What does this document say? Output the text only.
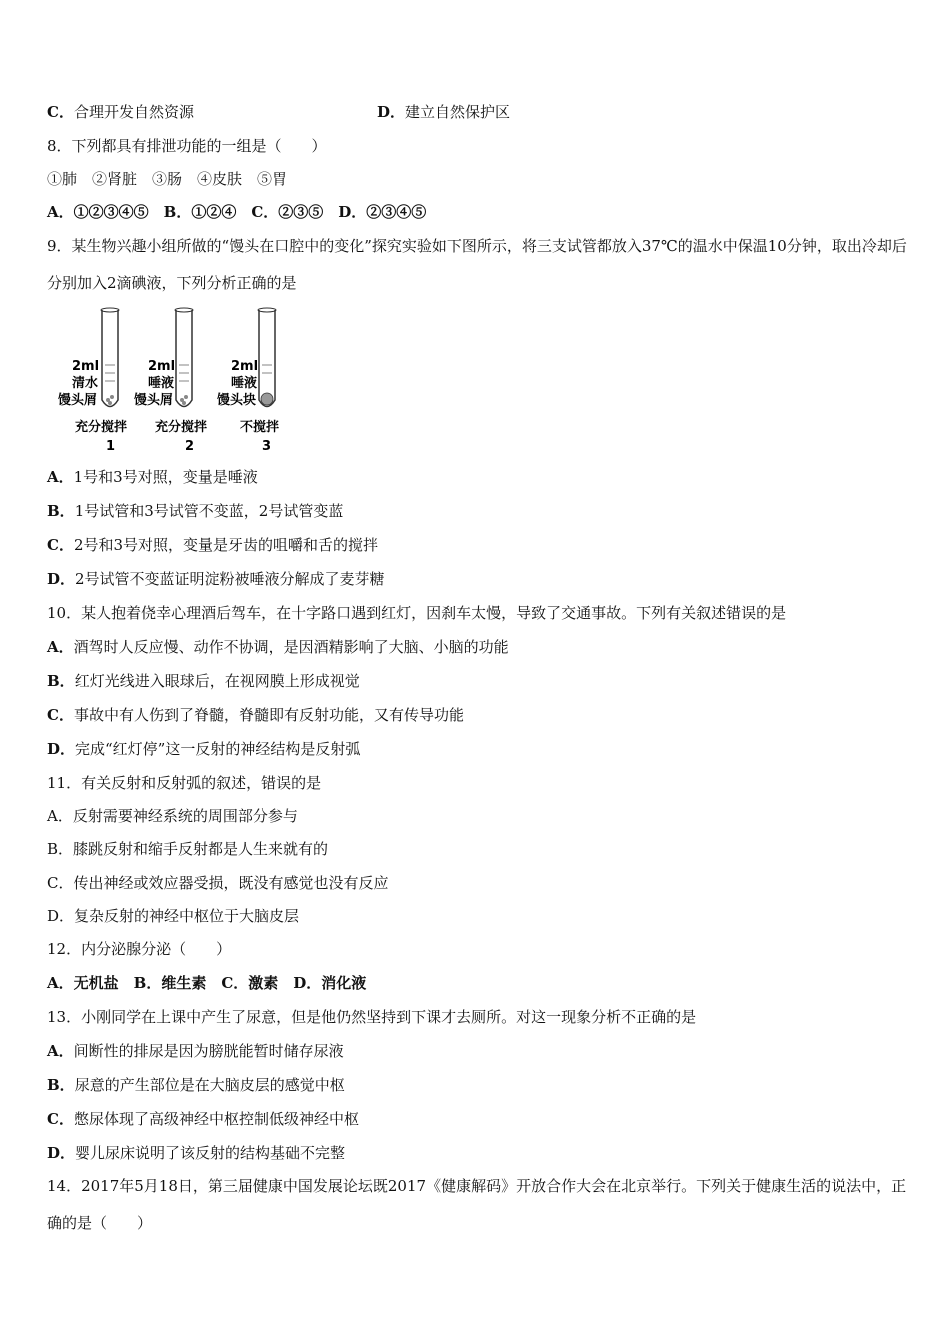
C．合理开发自然资源	D．建立自然保护区
8．下列都具有排泄功能的一组是（　　）
①肺　②肾脏　③肠　④皮肤　⑤胃
A．①②③④⑤　B．①②④　C．②③⑤　D．②③④⑤
9．某生物兴趣小组所做的“馒头在口腔中的变化”探究实验如下图所示，将三支试管都放入37℃的温水中保温10分钟，取出冷却后分别加入2滴碘液，下列分析正确的是
2ml
清水
馒头屑
充分搅拌
1
2ml
唾液
馒头屑
充分搅拌
2
2ml
唾液
馒头块
不搅拌
3
A．1号和3号对照，变量是唾液
B．1号试管和3号试管不变蓝，2号试管变蓝
C．2号和3号对照，变量是牙齿的咀嚼和舌的搅拌
D．2号试管不变蓝证明淀粉被唾液分解成了麦芽糖
10．某人抱着侥幸心理酒后驾车，在十字路口遇到红灯，因刹车太慢，导致了交通事故。下列有关叙述错误的是
A．酒驾时人反应慢、动作不协调，是因酒精影响了大脑、小脑的功能
B．红灯光线进入眼球后，在视网膜上形成视觉
C．事故中有人伤到了脊髓，脊髓即有反射功能，又有传导功能
D．完成“红灯停”这一反射的神经结构是反射弧
11．有关反射和反射弧的叙述，错误的是
A．反射需要神经系统的周围部分参与
B．膝跳反射和缩手反射都是人生来就有的
C．传出神经或效应器受损，既没有感觉也没有反应
D．复杂反射的神经中枢位于大脑皮层
12．内分泌腺分泌（　　）
A．无机盐　B．维生素　C．激素　D．消化液
13．小刚同学在上课中产生了尿意，但是他仍然坚持到下课才去厕所。对这一现象分析不正确的是
A．间断性的排尿是因为膀胱能暂时储存尿液
B．尿意的产生部位是在大脑皮层的感觉中枢
C．憋尿体现了高级神经中枢控制低级神经中枢
D．婴儿尿床说明了该反射的结构基础不完整
14．2017年5月18日，第三届健康中国发展论坛既2017《健康解码》开放合作大会在北京举行。下列关于健康生活的说法中，正确的是（　　）
